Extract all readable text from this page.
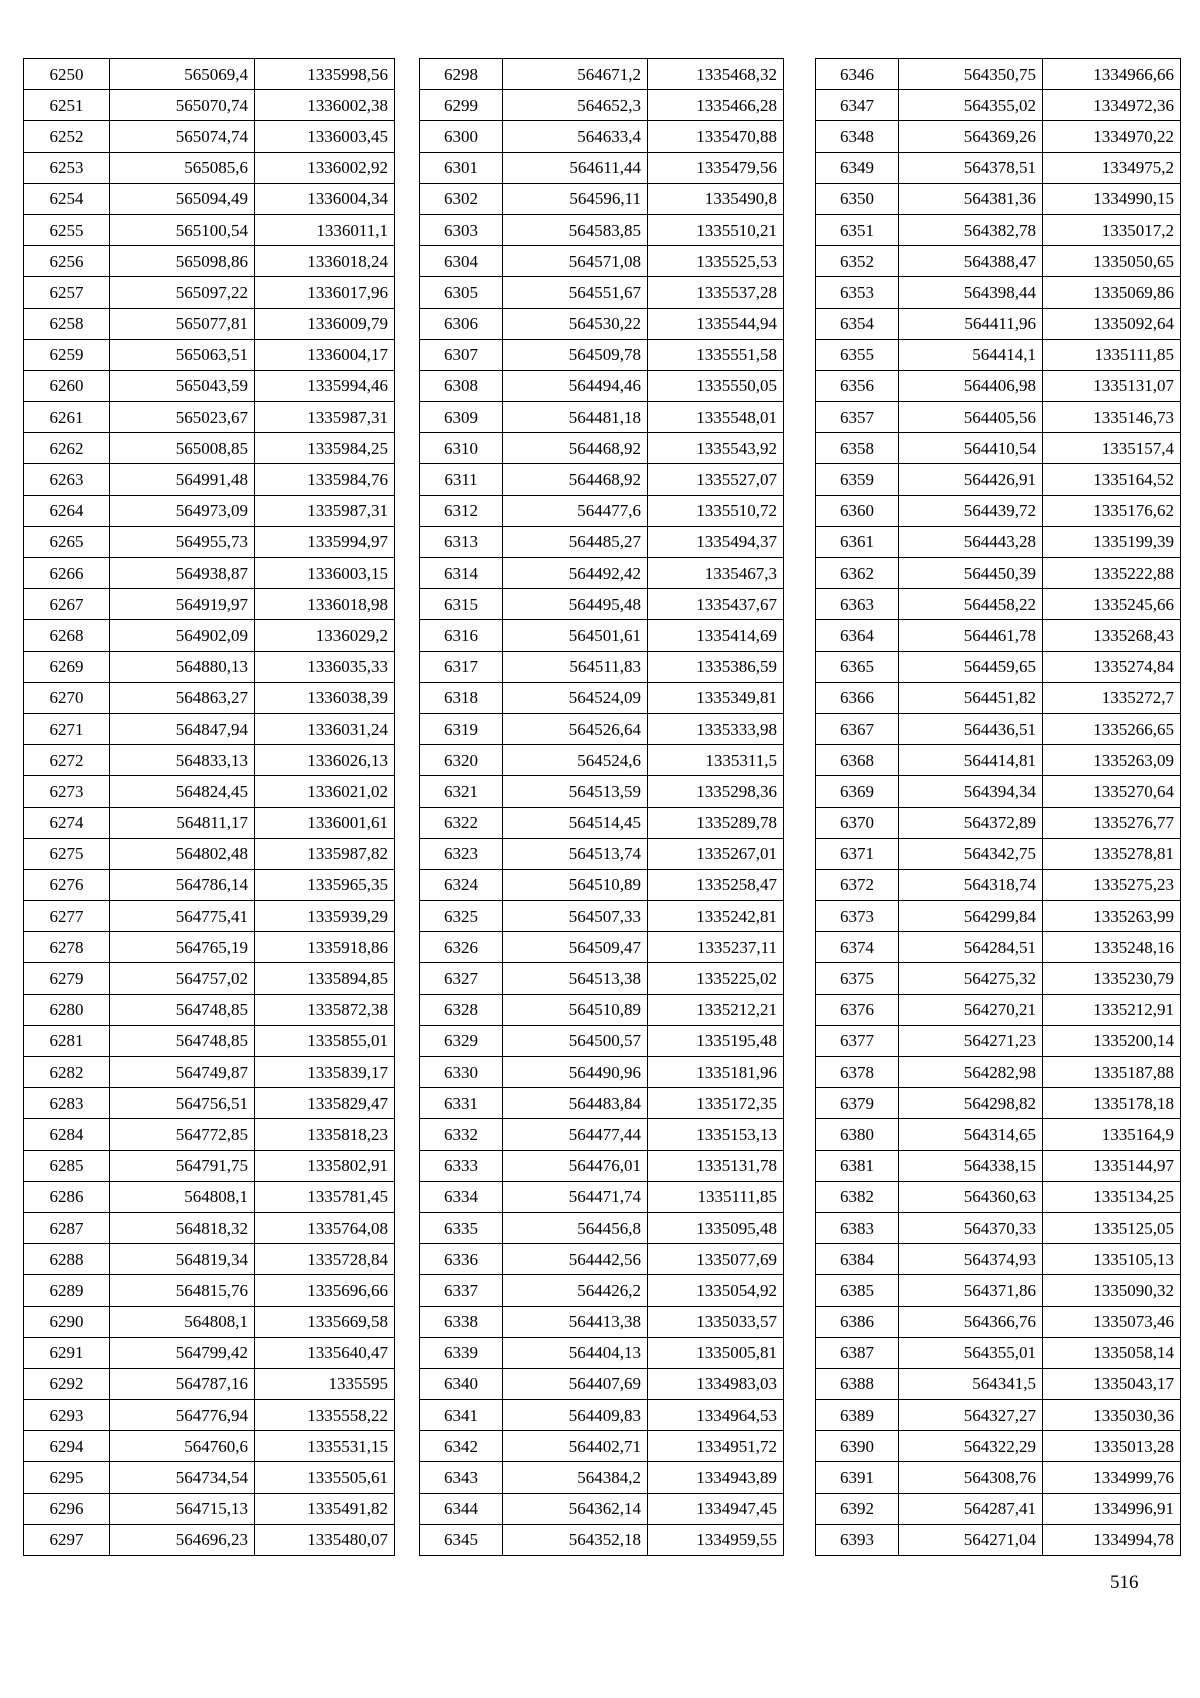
6250	565069,4	1335998,56
6251	565070,74	1336002,38
6252	565074,74	1336003,45
6253	565085,6	1336002,92
6254	565094,49	1336004,34
6255	565100,54	1336011,1
6256	565098,86	1336018,24
6257	565097,22	1336017,96
6258	565077,81	1336009,79
6259	565063,51	1336004,17
6260	565043,59	1335994,46
6261	565023,67	1335987,31
6262	565008,85	1335984,25
6263	564991,48	1335984,76
6264	564973,09	1335987,31
6265	564955,73	1335994,97
6266	564938,87	1336003,15
6267	564919,97	1336018,98
6268	564902,09	1336029,2
6269	564880,13	1336035,33
6270	564863,27	1336038,39
6271	564847,94	1336031,24
6272	564833,13	1336026,13
6273	564824,45	1336021,02
6274	564811,17	1336001,61
6275	564802,48	1335987,82
6276	564786,14	1335965,35
6277	564775,41	1335939,29
6278	564765,19	1335918,86
6279	564757,02	1335894,85
6280	564748,85	1335872,38
6281	564748,85	1335855,01
6282	564749,87	1335839,17
6283	564756,51	1335829,47
6284	564772,85	1335818,23
6285	564791,75	1335802,91
6286	564808,1	1335781,45
6287	564818,32	1335764,08
6288	564819,34	1335728,84
6289	564815,76	1335696,66
6290	564808,1	1335669,58
6291	564799,42	1335640,47
6292	564787,16	1335595
6293	564776,94	1335558,22
6294	564760,6	1335531,15
6295	564734,54	1335505,61
6296	564715,13	1335491,82
6297	564696,23	1335480,07
6298	564671,2	1335468,32
6299	564652,3	1335466,28
6300	564633,4	1335470,88
6301	564611,44	1335479,56
6302	564596,11	1335490,8
6303	564583,85	1335510,21
6304	564571,08	1335525,53
6305	564551,67	1335537,28
6306	564530,22	1335544,94
6307	564509,78	1335551,58
6308	564494,46	1335550,05
6309	564481,18	1335548,01
6310	564468,92	1335543,92
6311	564468,92	1335527,07
6312	564477,6	1335510,72
6313	564485,27	1335494,37
6314	564492,42	1335467,3
6315	564495,48	1335437,67
6316	564501,61	1335414,69
6317	564511,83	1335386,59
6318	564524,09	1335349,81
6319	564526,64	1335333,98
6320	564524,6	1335311,5
6321	564513,59	1335298,36
6322	564514,45	1335289,78
6323	564513,74	1335267,01
6324	564510,89	1335258,47
6325	564507,33	1335242,81
6326	564509,47	1335237,11
6327	564513,38	1335225,02
6328	564510,89	1335212,21
6329	564500,57	1335195,48
6330	564490,96	1335181,96
6331	564483,84	1335172,35
6332	564477,44	1335153,13
6333	564476,01	1335131,78
6334	564471,74	1335111,85
6335	564456,8	1335095,48
6336	564442,56	1335077,69
6337	564426,2	1335054,92
6338	564413,38	1335033,57
6339	564404,13	1335005,81
6340	564407,69	1334983,03
6341	564409,83	1334964,53
6342	564402,71	1334951,72
6343	564384,2	1334943,89
6344	564362,14	1334947,45
6345	564352,18	1334959,55
6346	564350,75	1334966,66
6347	564355,02	1334972,36
6348	564369,26	1334970,22
6349	564378,51	1334975,2
6350	564381,36	1334990,15
6351	564382,78	1335017,2
6352	564388,47	1335050,65
6353	564398,44	1335069,86
6354	564411,96	1335092,64
6355	564414,1	1335111,85
6356	564406,98	1335131,07
6357	564405,56	1335146,73
6358	564410,54	1335157,4
6359	564426,91	1335164,52
6360	564439,72	1335176,62
6361	564443,28	1335199,39
6362	564450,39	1335222,88
6363	564458,22	1335245,66
6364	564461,78	1335268,43
6365	564459,65	1335274,84
6366	564451,82	1335272,7
6367	564436,51	1335266,65
6368	564414,81	1335263,09
6369	564394,34	1335270,64
6370	564372,89	1335276,77
6371	564342,75	1335278,81
6372	564318,74	1335275,23
6373	564299,84	1335263,99
6374	564284,51	1335248,16
6375	564275,32	1335230,79
6376	564270,21	1335212,91
6377	564271,23	1335200,14
6378	564282,98	1335187,88
6379	564298,82	1335178,18
6380	564314,65	1335164,9
6381	564338,15	1335144,97
6382	564360,63	1335134,25
6383	564370,33	1335125,05
6384	564374,93	1335105,13
6385	564371,86	1335090,32
6386	564366,76	1335073,46
6387	564355,01	1335058,14
6388	564341,5	1335043,17
6389	564327,27	1335030,36
6390	564322,29	1335013,28
6391	564308,76	1334999,76
6392	564287,41	1334996,91
6393	564271,04	1334994,78
516
